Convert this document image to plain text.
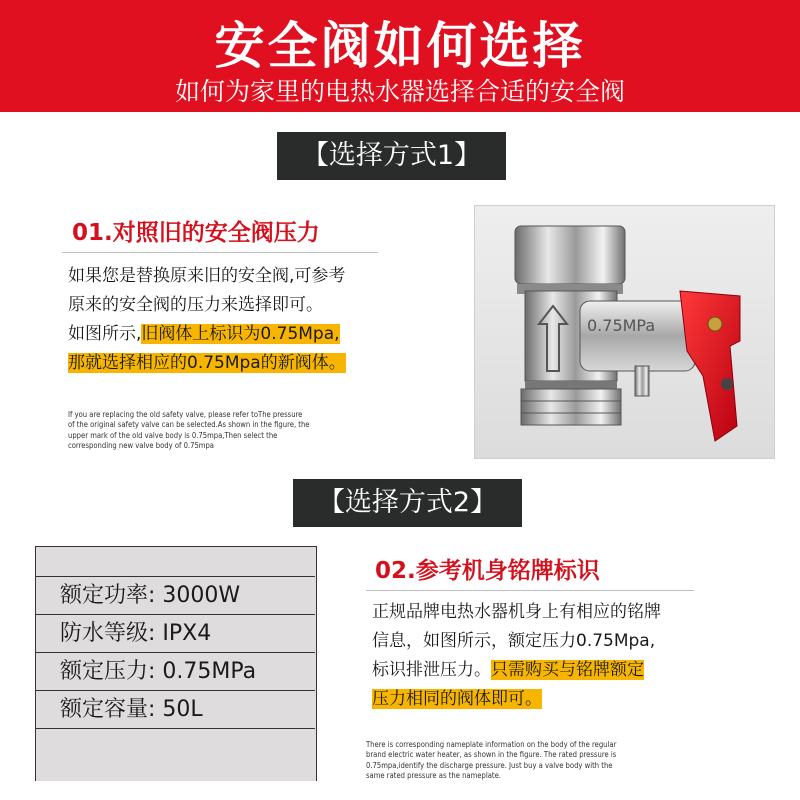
安全阀如何选择
如何为家里的电热水器选择合适的安全阀
【选择方式1】
01.对照旧的安全阀压力
如果您是替换原来旧的安全阀,可参考
原来的安全阀的压力来选择即可。
如图所示,旧阀体上标识为0.75Mpa,
那就选择相应的0.75Mpa的新阀体。
If you are replacing the old safety valve, please refer toThe pressure
of the original safety valve can be selected.As shown in the figure, the
upper mark of the old valve body is 0.75mpa,Then select the
corresponding new valve body of 0.75mpa
0.75MPa
【选择方式2】
额定功率: 3000W
防水等级: IPX4
额定压力: 0.75MPa
额定容量: 50L
02.参考机身铭牌标识
正规品牌电热水器机身上有相应的铭牌
信息，如图所示，额定压力0.75Mpa,
标识排泄压力。只需购买与铭牌额定
压力相同的阀体即可。
There is corresponding nameplate information on the body of the regular
brand electric water heater, as shown in the figure. The rated pressure is
0.75mpa,identify the discharge pressure. Just buy a valve body with the
same rated pressure as the nameplate.
